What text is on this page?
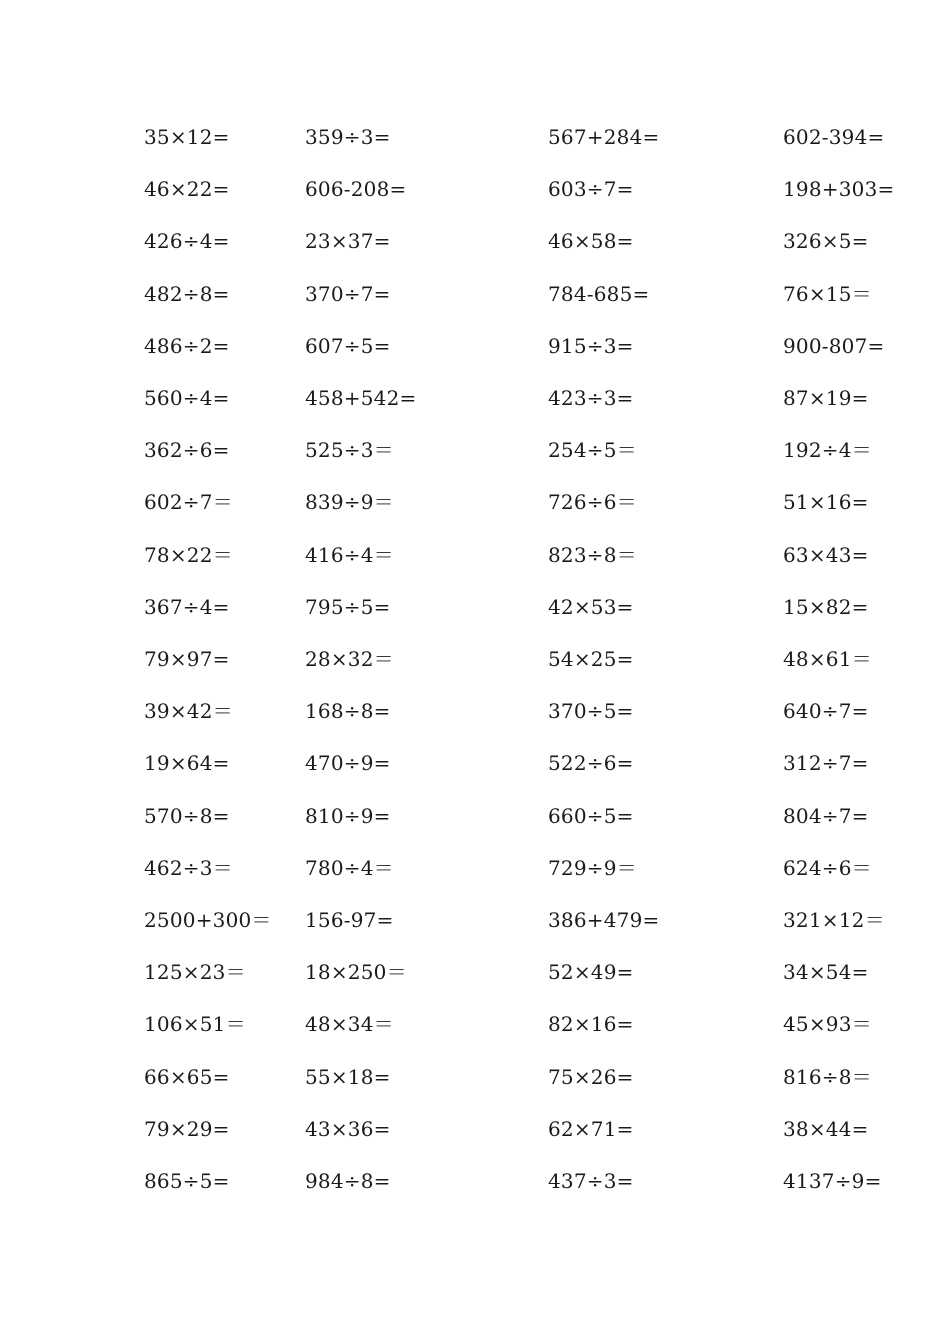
35×12=	359÷3=	567+284=	602-394=
46×22=	606-208=	603÷7=	198+303=
426÷4=	23×37=	46×58=	326×5=
482÷8=	370÷7=	784-685=	76×15＝
486÷2=	607÷5=	915÷3=	900-807=
560÷4=	458+542=	423÷3=	87×19=
362÷6=	525÷3＝	254÷5＝	192÷4＝
602÷7＝	839÷9＝	726÷6＝	51×16=
78×22＝	416÷4＝	823÷8＝	63×43=
367÷4=	795÷5=	42×53=	15×82=
79×97=	28×32＝	54×25=	48×61＝
39×42＝	168÷8=	370÷5=	640÷7=
19×64=	470÷9=	522÷6=	312÷7=
570÷8=	810÷9=	660÷5=	804÷7=
462÷3＝	780÷4＝	729÷9＝	624÷6＝
2500+300＝ 156-97=	386+479=	321×12＝
125×23＝	18×250＝	52×49=	34×54=
106×51＝	48×34＝	82×16=	45×93＝
66×65=	55×18=	75×26=	816÷8＝
79×29=	43×36=	62×71=	38×44=
865÷5=	984÷8=	437÷3=	4137÷9=
